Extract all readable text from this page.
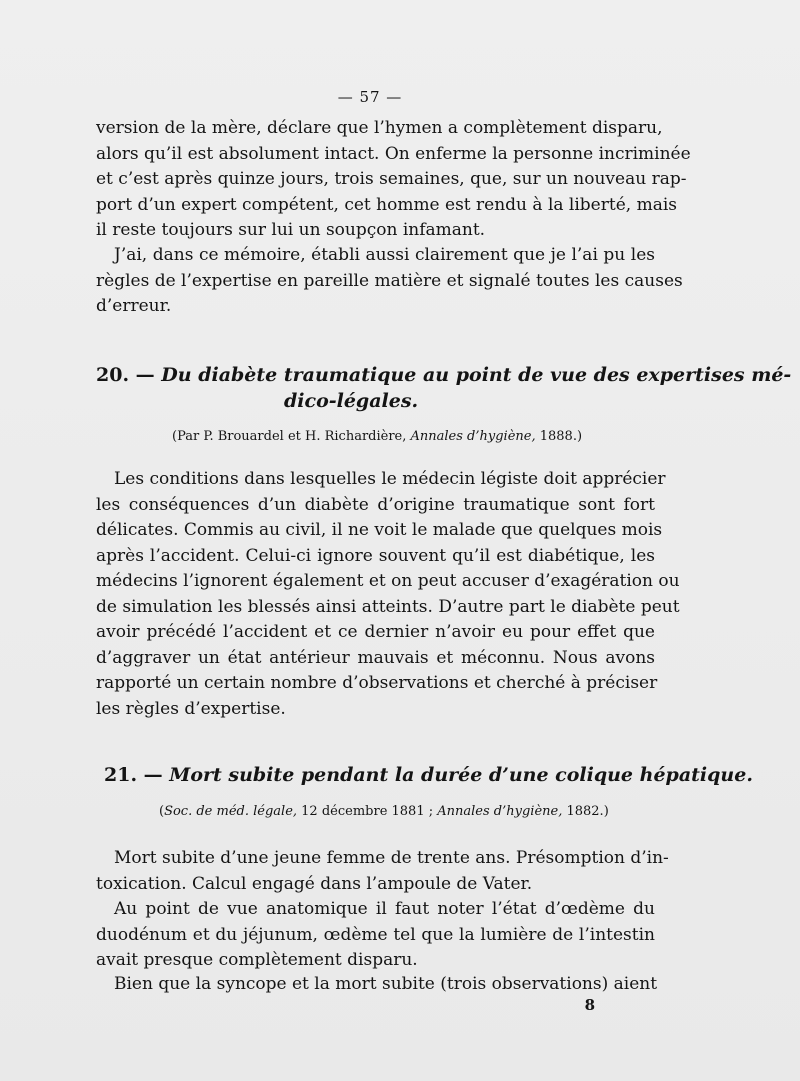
— 57 —

version de la mère, déclare que l’hymen a complètement disparu,
alors qu’il est absolument intact. On enferme la personne incriminée
et c’est après quinze jours, trois semaines, que, sur un nouveau rap-
port d’un expert compétent, cet homme est rendu à la liberté, mais
il reste toujours sur lui un soupçon infamant.

J’ai, dans ce mémoire, établi aussi clairement que je l’ai pu les
règles de l’expertise en pareille matière et signalé toutes les causes
d’erreur.

20. — Du diabète traumatique au point de vue des expertises mé-
dico-légales.

(Par P. Brouardel et H. Richardière, Annales d’hygiène, 1888.)

Les conditions dans lesquelles le médecin légiste doit apprécier
les conséquences d’un diabète d’origine traumatique sont fort
délicates. Commis au civil, il ne voit le malade que quelques mois
après l’accident. Celui-ci ignore souvent qu’il est diabétique, les
médecins l’ignorent également et on peut accuser d’exagération ou
de simulation les blessés ainsi atteints. D’autre part le diabète peut
avoir précédé l’accident et ce dernier n’avoir eu pour effet que
d’aggraver un état antérieur mauvais et méconnu. Nous avons
rapporté un certain nombre d’observations et cherché à préciser
les règles d’expertise.

21. — Mort subite pendant la durée d’une colique hépatique.

(Soc. de méd. légale, 12 décembre 1881 ; Annales d’hygiène, 1882.)

Mort subite d’une jeune femme de trente ans. Présomption d’in-
toxication. Calcul engagé dans l’ampoule de Vater.

Au point de vue anatomique il faut noter l’état d’œdème du
duodénum et du jéjunum, œdème tel que la lumière de l’intestin
avait presque complètement disparu.

Bien que la syncope et la mort subite (trois observations) aient

8
